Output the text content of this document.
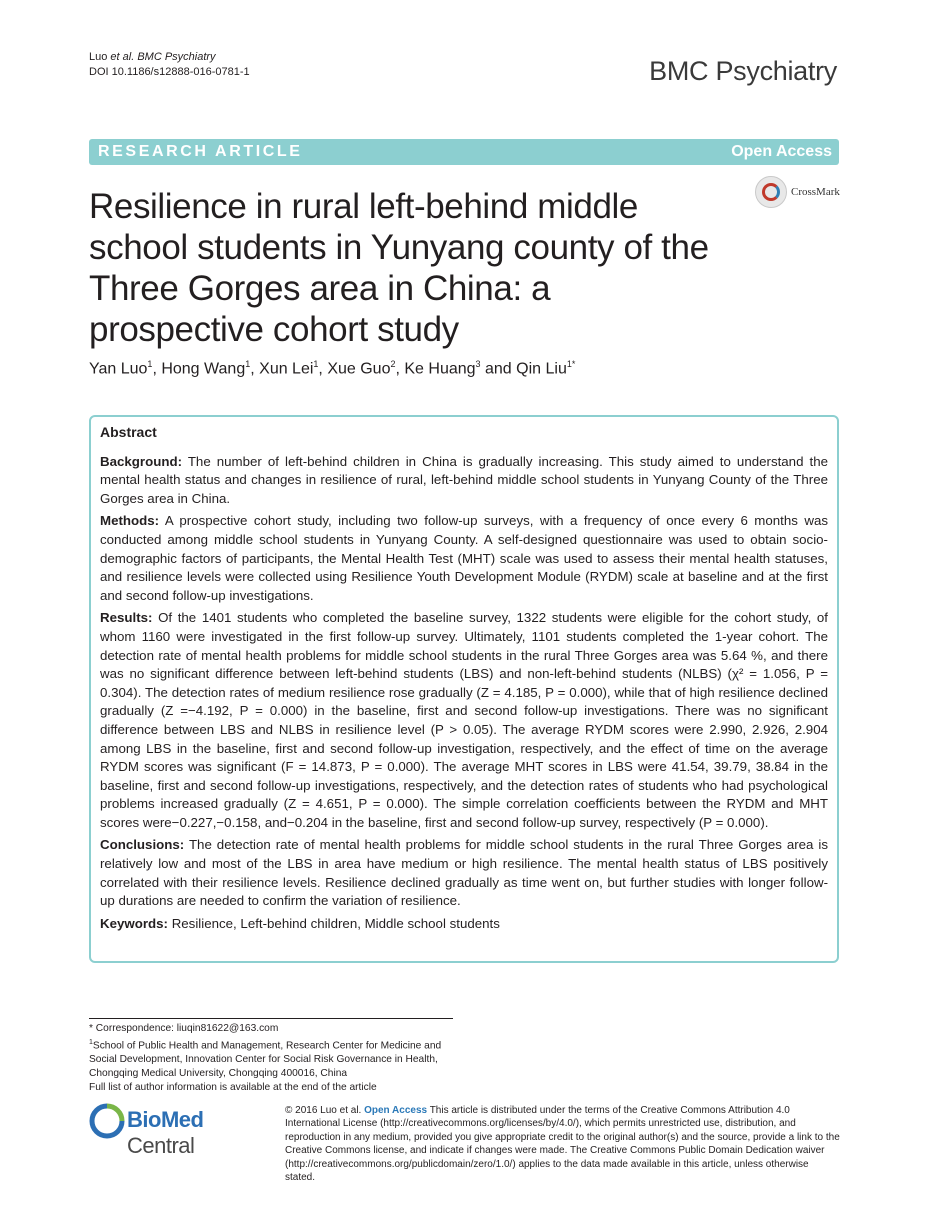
Luo et al. BMC Psychiatry
DOI 10.1186/s12888-016-0781-1	BMC Psychiatry
RESEARCH ARTICLE	Open Access
CrossMark
Resilience in rural left-behind middle school students in Yunyang county of the Three Gorges area in China: a prospective cohort study
Yan Luo$^1$, Hong Wang$^1$, Xun Lei$^1$, Xue Guo$^2$, Ke Huang$^3$ and Qin Liu$^{1*}$
Abstract

Background: The number of left-behind children in China is gradually increasing. This study aimed to understand the mental health status and changes in resilience of rural, left-behind middle school students in Yunyang County of the Three Gorges area in China.

Methods: A prospective cohort study, including two follow-up surveys, with a frequency of once every 6 months was conducted among middle school students in Yunyang County. A self-designed questionnaire was used to obtain socio-demographic factors of participants, the Mental Health Test (MHT) scale was used to assess their mental health statuses, and resilience levels were collected using Resilience Youth Development Module (RYDM) scale at baseline and at the first and second follow-up investigations.

Results: Of the 1401 students who completed the baseline survey, 1322 students were eligible for the cohort study, of whom 1160 were investigated in the first follow-up survey. Ultimately, 1101 students completed the 1-year cohort. The detection rate of mental health problems for middle school students in the rural Three Gorges area was 5.64 %, and there was no significant difference between left-behind students (LBS) and non-left-behind students (NLBS) (χ² = 1.056, P = 0.304). The detection rates of medium resilience rose gradually (Z = 4.185, P = 0.000), while that of high resilience declined gradually (Z =−4.192, P = 0.000) in the baseline, first and second follow-up investigations. There was no significant difference between LBS and NLBS in resilience level (P > 0.05). The average RYDM scores were 2.990, 2.926, 2.904 among LBS in the baseline, first and second follow-up investigation, respectively, and the effect of time on the average RYDM scores was significant (F = 14.873, P = 0.000). The average MHT scores in LBS were 41.54, 39.79, 38.84 in the baseline, first and second follow-up investigations, respectively, and the detection rates of students who had psychological problems increased gradually (Z = 4.651, P = 0.000). The simple correlation coefficients between the RYDM and MHT scores were−0.227,−0.158, and−0.204 in the baseline, first and second follow-up survey, respectively (P = 0.000).

Conclusions: The detection rate of mental health problems for middle school students in the rural Three Gorges area is relatively low and most of the LBS in area have medium or high resilience. The mental health status of LBS positively correlated with their resilience levels. Resilience declined gradually as time went on, but further studies with longer follow-up durations are needed to confirm the variation of resilience.

Keywords: Resilience, Left-behind children, Middle school students

* Correspondence: liuqin81622@163.com
$^1$School of Public Health and Management, Research Center for Medicine and Social Development, Innovation Center for Social Risk Governance in Health, Chongqing Medical University, Chongqing 400016, China
Full list of author information is available at the end of the article
BioMed Central
© 2016 Luo et al. Open Access This article is distributed under the terms of the Creative Commons Attribution 4.0 International License (http://creativecommons.org/licenses/by/4.0/), which permits unrestricted use, distribution, and reproduction in any medium, provided you give appropriate credit to the original author(s) and the source, provide a link to the Creative Commons license, and indicate if changes were made. The Creative Commons Public Domain Dedication waiver (http://creativecommons.org/publicdomain/zero/1.0/) applies to the data made available in this article, unless otherwise stated.
